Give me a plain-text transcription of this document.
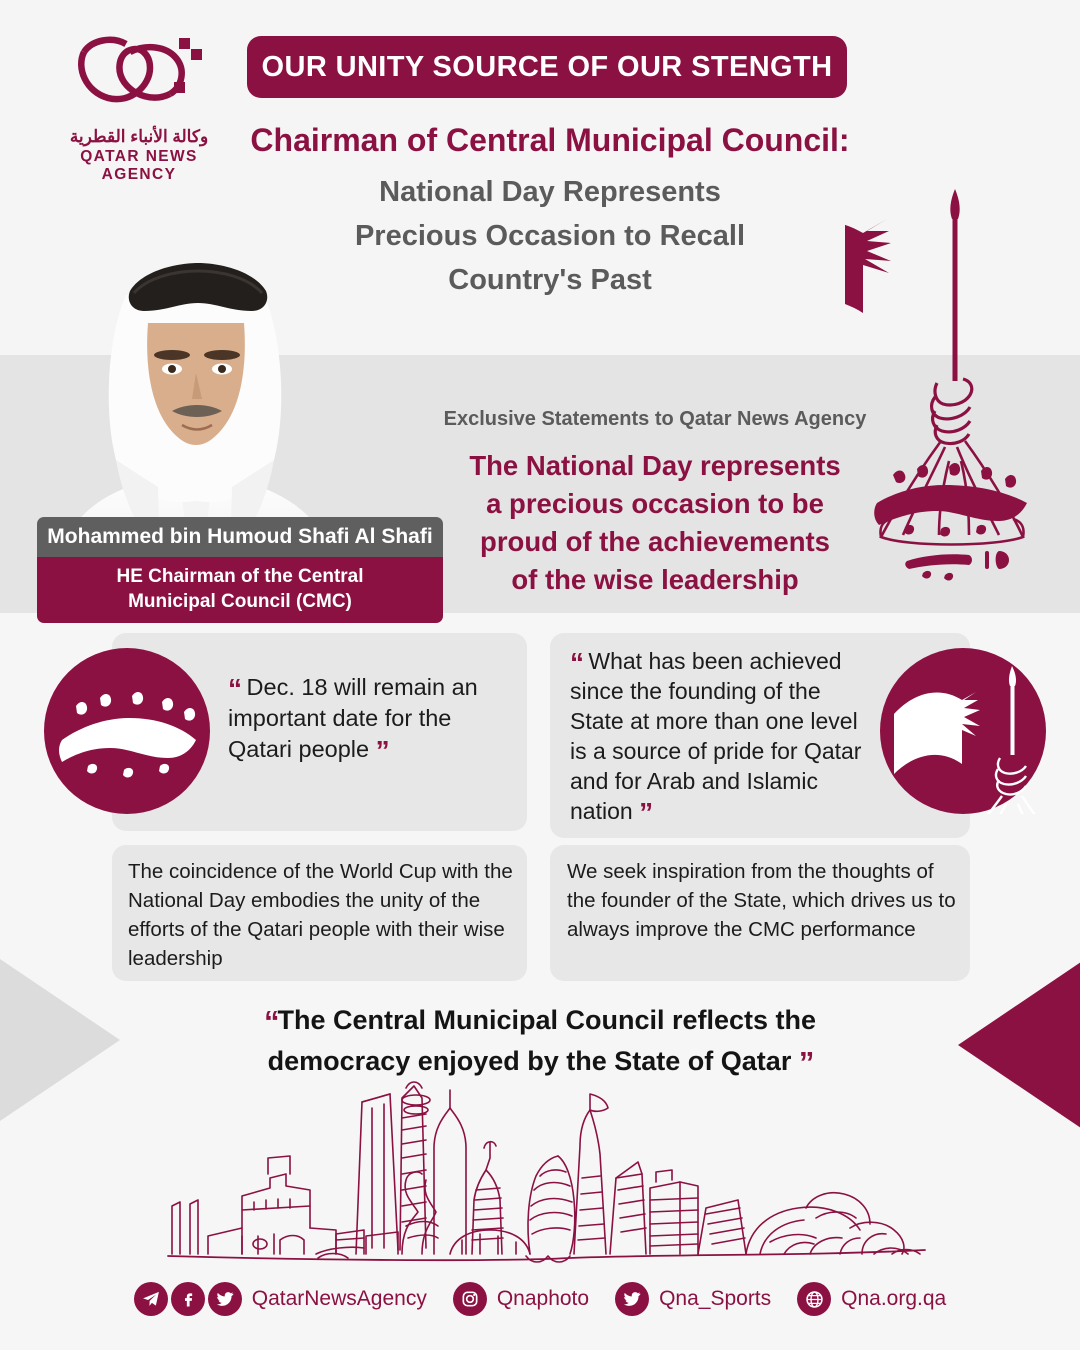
وكالة الأنباء القطرية
QATAR NEWS AGENCY
OUR UNITY SOURCE OF OUR STENGTH
Chairman of Central Municipal Council:
National Day Represents
Precious Occasion to Recall
Country's Past
Mohammed bin Humoud Shafi Al Shafi
HE Chairman of the Central
Municipal Council (CMC)
Exclusive Statements to Qatar News Agency
The National Day represents
a precious occasion to be
proud of the achievements
of the wise leadership
“ Dec. 18 will remain an important date for the Qatari people ”
“ What has been achieved since the founding of the State at more than one level is a source of pride for Qatar and for Arab and Islamic nation ”
The coincidence of the World Cup with the National Day embodies the unity of the efforts of the Qatari people with their wise leadership
We seek inspiration from the thoughts of the founder of the State, which drives us to always improve the CMC performance
“The Central Municipal Council reflects the
democracy enjoyed by the State of Qatar ”
QatarNewsAgency	Qnaphoto	Qna_Sports	Qna.org.qa
